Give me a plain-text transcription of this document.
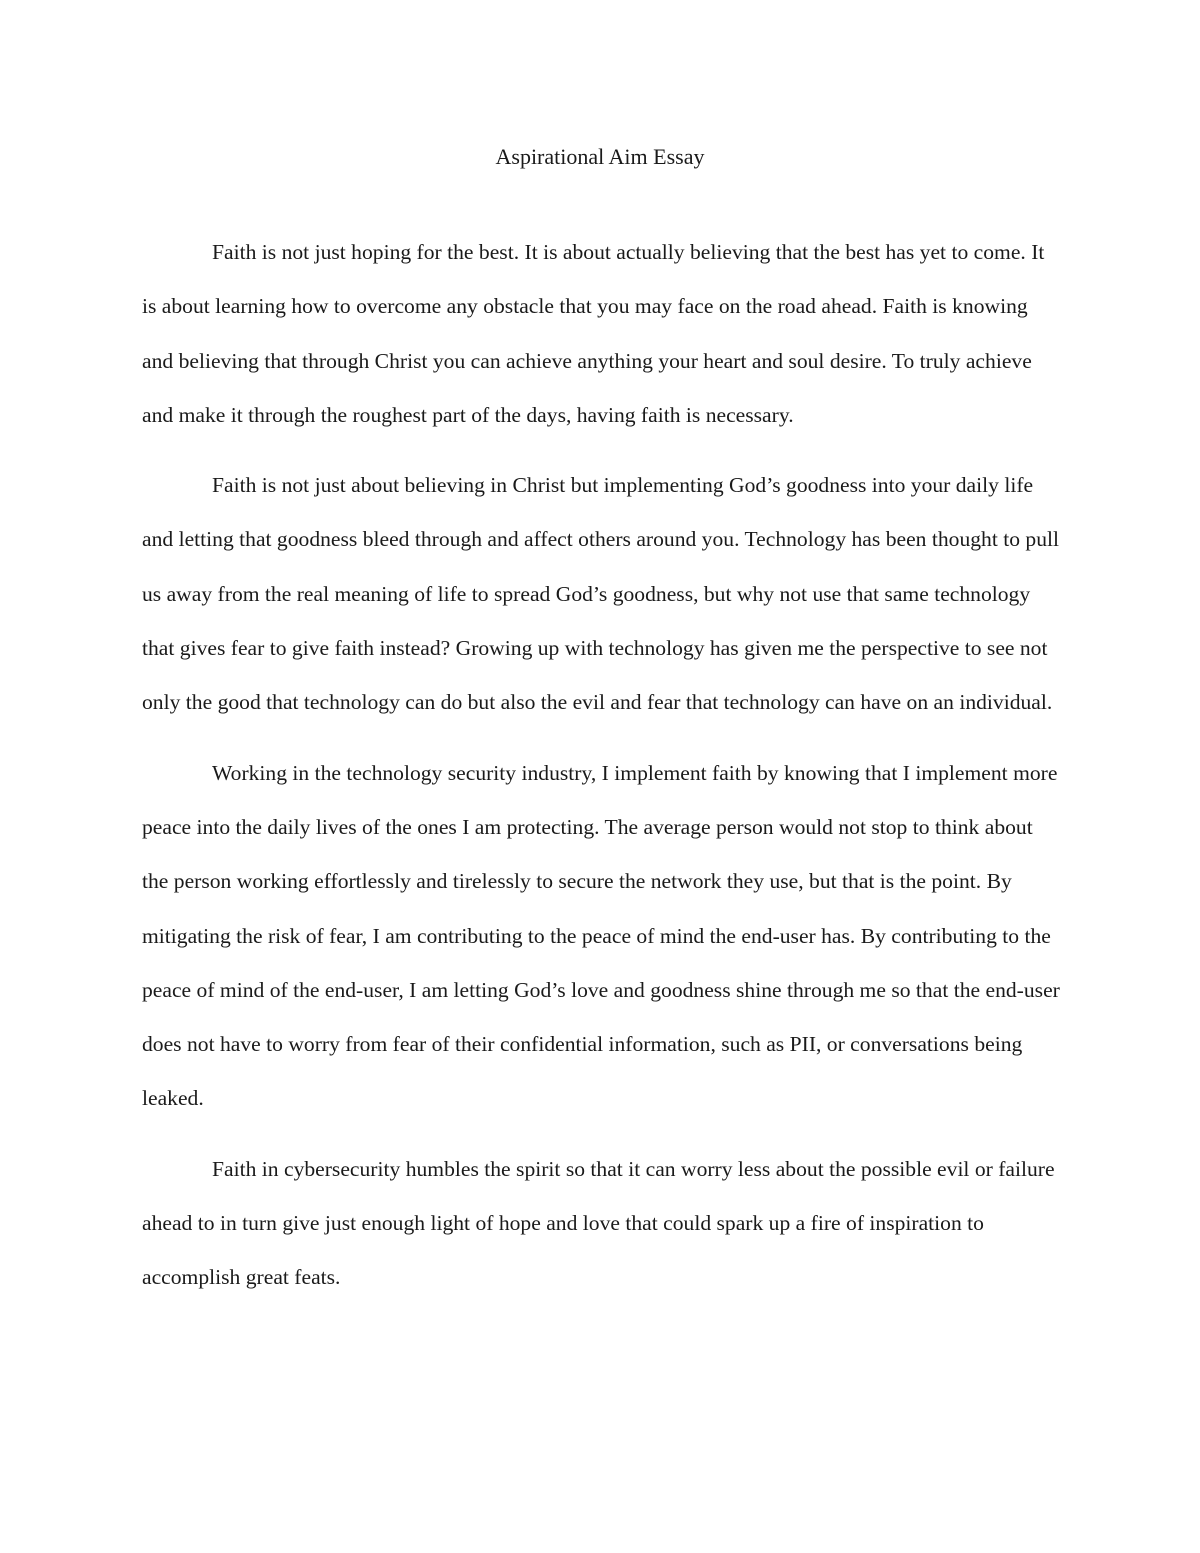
Aspirational Aim Essay

Faith is not just hoping for the best. It is about actually believing that the best has yet to come. It is about learning how to overcome any obstacle that you may face on the road ahead. Faith is knowing and believing that through Christ you can achieve anything your heart and soul desire. To truly achieve and make it through the roughest part of the days, having faith is necessary.

Faith is not just about believing in Christ but implementing God’s goodness into your daily life and letting that goodness bleed through and affect others around you. Technology has been thought to pull us away from the real meaning of life to spread God’s goodness, but why not use that same technology that gives fear to give faith instead? Growing up with technology has given me the perspective to see not only the good that technology can do but also the evil and fear that technology can have on an individual.

Working in the technology security industry, I implement faith by knowing that I implement more peace into the daily lives of the ones I am protecting. The average person would not stop to think about the person working effortlessly and tirelessly to secure the network they use, but that is the point. By mitigating the risk of fear, I am contributing to the peace of mind the end-user has. By contributing to the peace of mind of the end-user, I am letting God’s love and goodness shine through me so that the end-user does not have to worry from fear of their confidential information, such as PII, or conversations being leaked.

Faith in cybersecurity humbles the spirit so that it can worry less about the possible evil or failure ahead to in turn give just enough light of hope and love that could spark up a fire of inspiration to accomplish great feats.
